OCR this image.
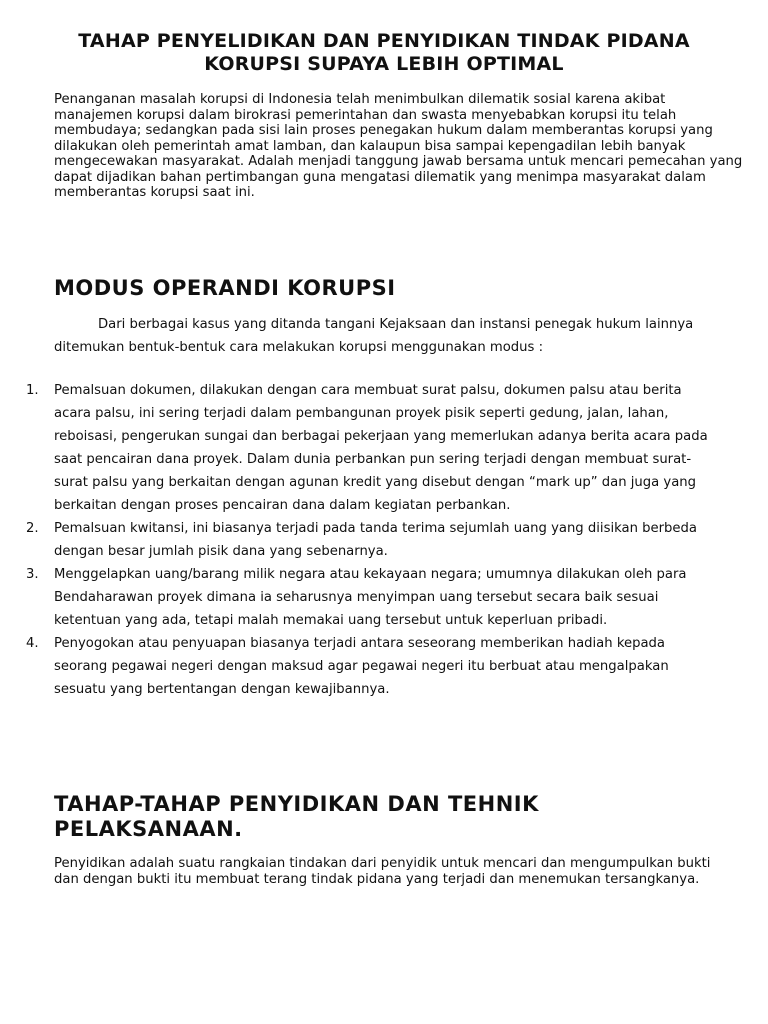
TAHAP PENYELIDIKAN DAN PENYIDIKAN TINDAK PIDANA KORUPSI SUPAYA LEBIH OPTIMAL

Penanganan masalah korupsi di Indonesia telah menimbulkan dilematik sosial karena akibat manajemen korupsi dalam birokrasi pemerintahan dan swasta menyebabkan korupsi itu telah membudaya; sedangkan pada sisi lain proses penegakan hukum dalam memberantas korupsi yang dilakukan oleh pemerintah amat lamban, dan kalaupun bisa sampai kepengadilan lebih banyak mengecewakan masyarakat. Adalah menjadi tanggung jawab bersama untuk mencari pemecahan yang dapat dijadikan bahan pertimbangan guna mengatasi dilematik yang menimpa masyarakat dalam memberantas korupsi saat ini.

MODUS OPERANDI KORUPSI

Dari berbagai kasus yang ditanda tangani Kejaksaan dan instansi penegak hukum lainnya ditemukan bentuk-bentuk cara melakukan korupsi menggunakan modus :

1. Pemalsuan dokumen, dilakukan dengan cara membuat surat palsu, dokumen palsu atau berita acara palsu, ini sering terjadi dalam pembangunan proyek pisik seperti gedung, jalan, lahan, reboisasi, pengerukan sungai dan berbagai pekerjaan yang memerlukan adanya berita acara pada saat pencairan dana proyek. Dalam dunia perbankan pun sering terjadi dengan membuat surat-surat palsu yang berkaitan dengan agunan kredit yang disebut dengan “mark up” dan juga yang berkaitan dengan proses pencairan dana dalam kegiatan perbankan.
2. Pemalsuan kwitansi, ini biasanya terjadi pada tanda terima sejumlah uang yang diisikan berbeda dengan besar jumlah pisik dana yang sebenarnya.
3. Menggelapkan uang/barang milik negara atau kekayaan negara; umumnya dilakukan oleh para Bendaharawan proyek dimana ia seharusnya menyimpan uang tersebut secara baik sesuai ketentuan yang ada, tetapi malah memakai uang tersebut untuk keperluan pribadi.
4. Penyogokan atau penyuapan biasanya terjadi antara seseorang memberikan hadiah kepada seorang pegawai negeri dengan maksud agar pegawai negeri itu berbuat atau mengalpakan sesuatu yang bertentangan dengan kewajibannya.
TAHAP-TAHAP PENYIDIKAN DAN TEHNIK PELAKSANAAN.

Penyidikan adalah suatu rangkaian tindakan dari penyidik untuk mencari dan mengumpulkan bukti dan dengan bukti itu membuat terang tindak pidana yang terjadi dan menemukan tersangkanya.
